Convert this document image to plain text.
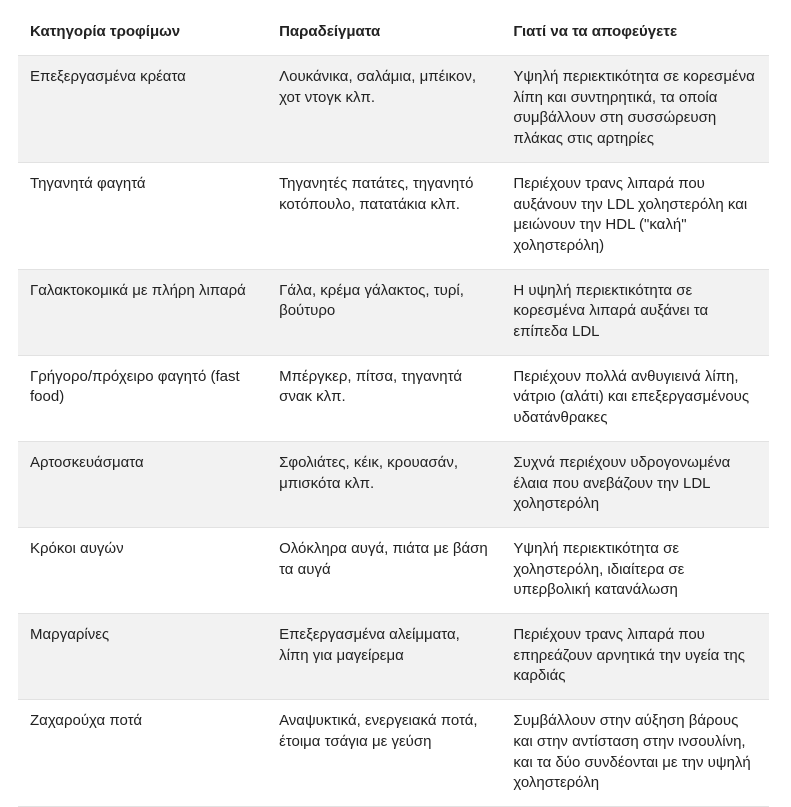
Κατηγορία τροφίμων	Παραδείγματα	Γιατί να τα αποφεύγετε
Επεξεργασμένα κρέατα	Λουκάνικα, σαλάμια, μπέικον, χοτ ντογκ κλπ.	Υψηλή περιεκτικότητα σε κορεσμένα λίπη και συντηρητικά, τα οποία συμβάλλουν στη συσσώρευση πλάκας στις αρτηρίες
Τηγανητά φαγητά	Τηγανητές πατάτες, τηγανητό κοτόπουλο, πατατάκια κλπ.	Περιέχουν τρανς λιπαρά που αυξάνουν την LDL χοληστερόλη και μειώνουν την HDL ("καλή" χοληστερόλη)
Γαλακτοκομικά με πλήρη λιπαρά	Γάλα, κρέμα γάλακτος, τυρί, βούτυρο	Η υψηλή περιεκτικότητα σε κορεσμένα λιπαρά αυξάνει τα επίπεδα LDL
Γρήγορο/πρόχειρο φαγητό (fast food)	Μπέργκερ, πίτσα, τηγανητά σνακ κλπ.	Περιέχουν πολλά ανθυγιεινά λίπη, νάτριο (αλάτι) και επεξεργασμένους υδατάνθρακες
Αρτοσκευάσματα	Σφολιάτες, κέικ, κρουασάν, μπισκότα κλπ.	Συχνά περιέχουν υδρογονωμένα έλαια που ανεβάζουν την LDL χοληστερόλη
Κρόκοι αυγών	Ολόκληρα αυγά, πιάτα με βάση τα αυγά	Υψηλή περιεκτικότητα σε χοληστερόλη, ιδιαίτερα σε υπερβολική κατανάλωση
Μαργαρίνες	Επεξεργασμένα αλείμματα, λίπη για μαγείρεμα	Περιέχουν τρανς λιπαρά που επηρεάζουν αρνητικά την υγεία της καρδιάς
Ζαχαρούχα ποτά	Αναψυκτικά, ενεργειακά ποτά, έτοιμα τσάγια με γεύση	Συμβάλλουν στην αύξηση βάρους και στην αντίσταση στην ινσουλίνη, και τα δύο συνδέονται με την υψηλή χοληστερόλη
